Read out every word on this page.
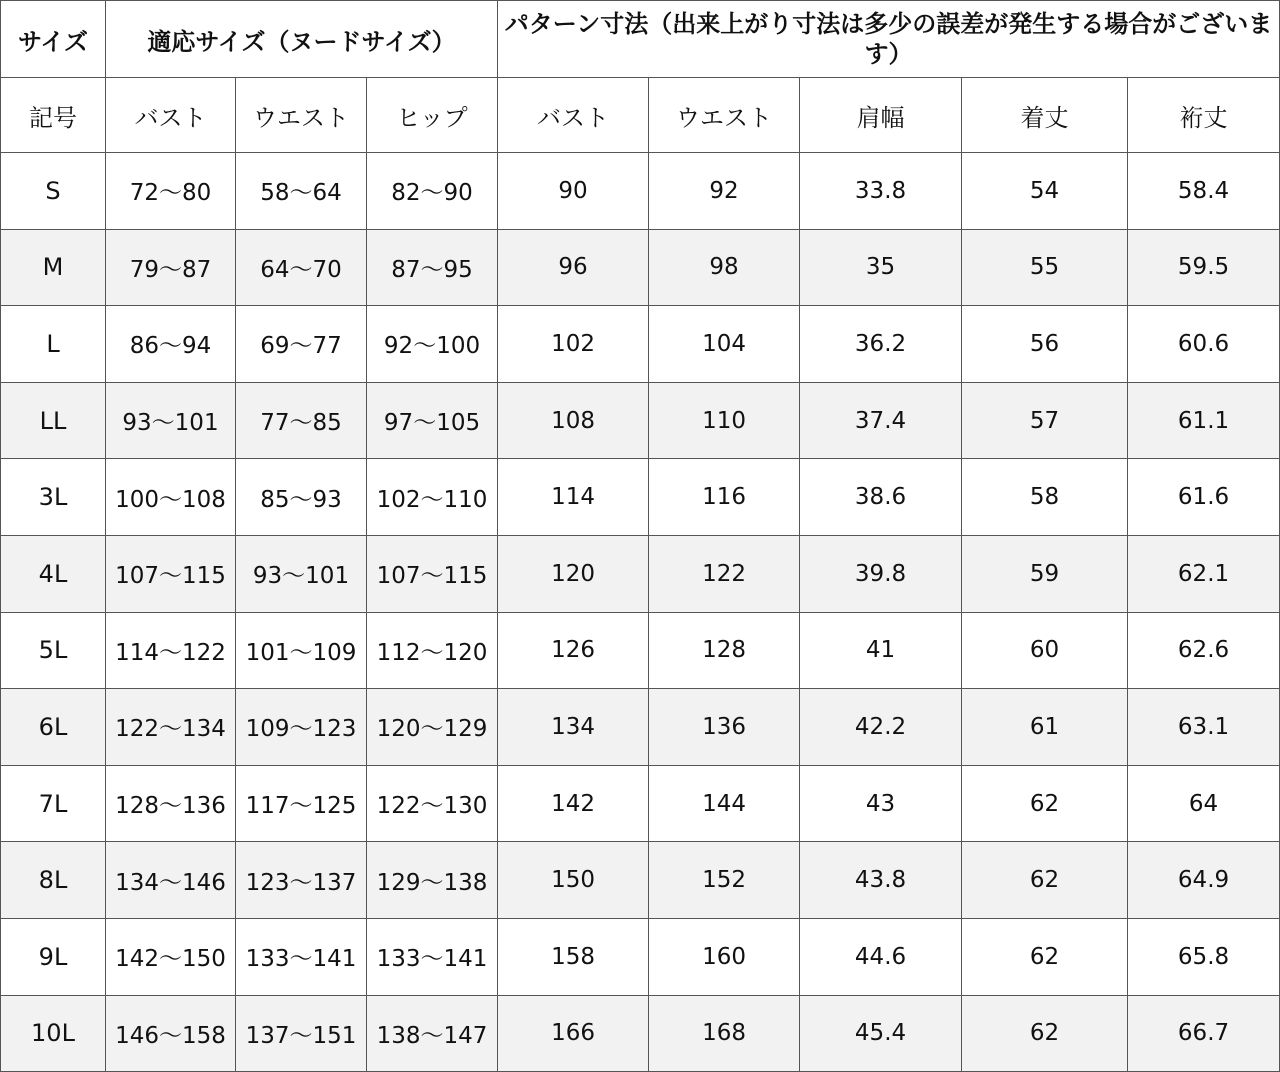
サイズ	適応サイズ（ヌードサイズ）			パターン寸法（出来上がり寸法は多少の誤差が発生する場合がございます）				
記号	バスト	ウエスト	ヒップ	バスト	ウエスト	肩幅	着丈	裄丈
S	72～80	58～64	82～90	90	92	33.8	54	58.4
M	79～87	64～70	87～95	96	98	35	55	59.5
L	86～94	69～77	92～100	102	104	36.2	56	60.6
LL	93～101	77～85	97～105	108	110	37.4	57	61.1
3L	100～108	85～93	102～110	114	116	38.6	58	61.6
4L	107～115	93～101	107～115	120	122	39.8	59	62.1
5L	114～122	101～109	112～120	126	128	41	60	62.6
6L	122～134	109～123	120～129	134	136	42.2	61	63.1
7L	128～136	117～125	122～130	142	144	43	62	64
8L	134～146	123～137	129～138	150	152	43.8	62	64.9
9L	142～150	133～141	133～141	158	160	44.6	62	65.8
10L	146～158	137～151	138～147	166	168	45.4	62	66.7
